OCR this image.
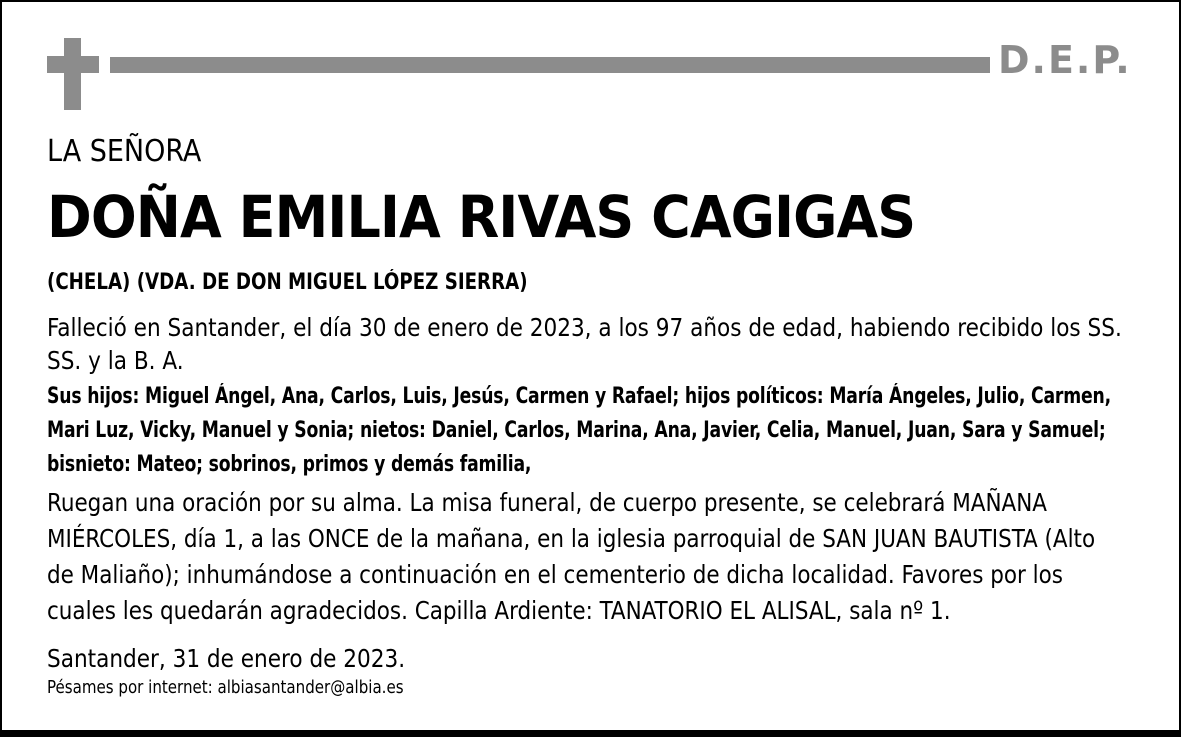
D.E.P.
LA SEÑORA
DOÑA EMILIA RIVAS CAGIGAS
(CHELA) (VDA. DE DON MIGUEL LÓPEZ SIERRA)
Falleció en Santander, el día 30 de enero de 2023, a los 97 años de edad, habiendo recibido los SS. SS. y la B. A.
Sus hijos: Miguel Ángel, Ana, Carlos, Luis, Jesús, Carmen y Rafael; hijos políticos: María Ángeles, Julio, Carmen, Mari Luz, Vicky, Manuel y Sonia; nietos: Daniel, Carlos, Marina, Ana, Javier, Celia, Manuel, Juan, Sara y Samuel; bisnieto: Mateo; sobrinos, primos y demás familia,
Ruegan una oración por su alma. La misa funeral, de cuerpo presente, se celebrará MAÑANA MIÉRCOLES, día 1, a las ONCE de la mañana, en la iglesia parroquial de SAN JUAN BAUTISTA (Alto de Maliaño); inhumándose a continuación en el cementerio de dicha localidad. Favores por los cuales les quedarán agradecidos. Capilla Ardiente: TANATORIO EL ALISAL, sala nº 1.
Santander, 31 de enero de 2023.
Pésames por internet: albiasantander@albia.es
